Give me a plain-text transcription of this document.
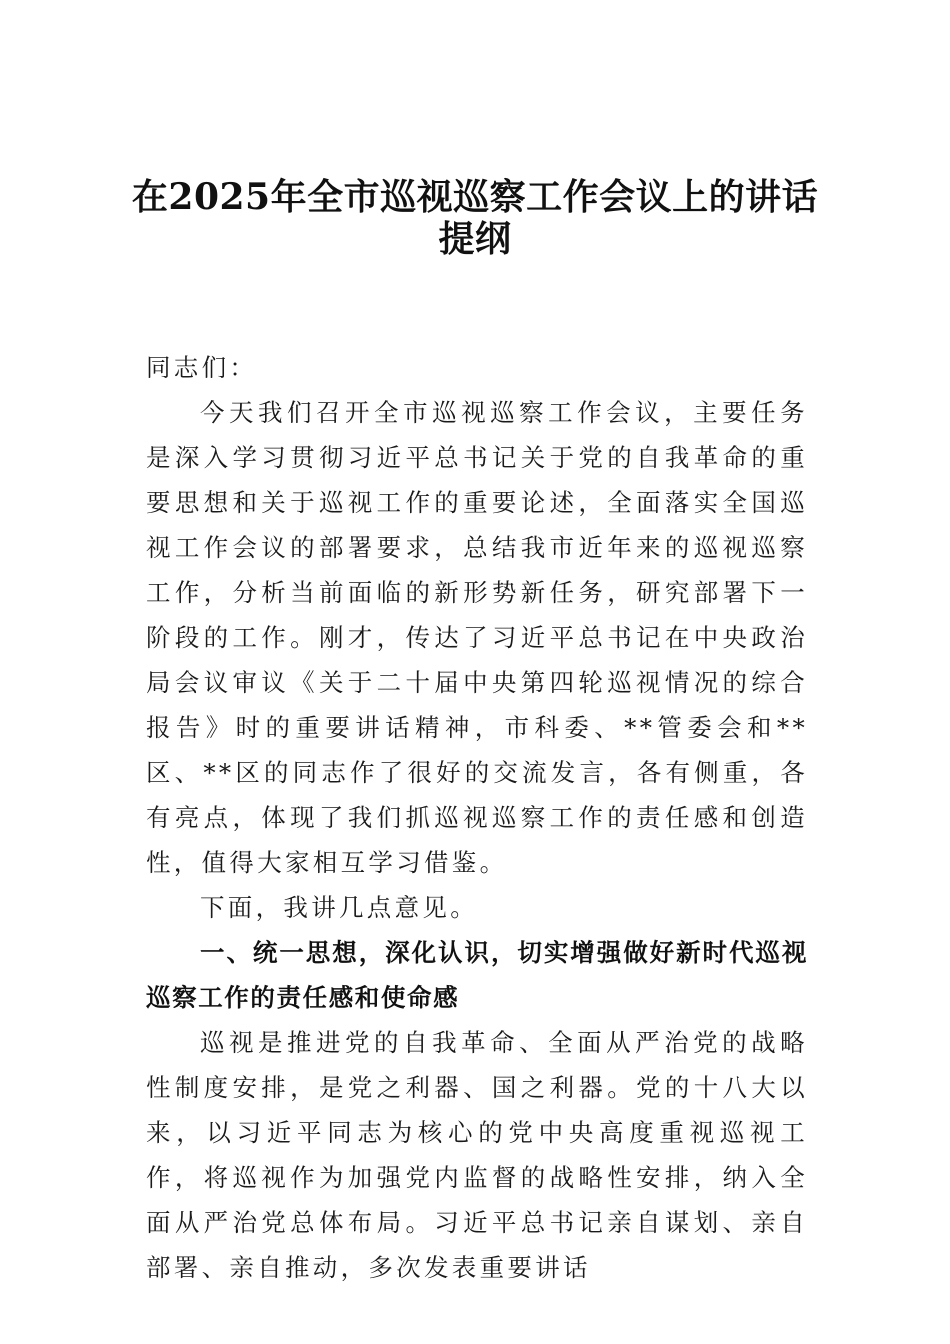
在2025年全市巡视巡察工作会议上的讲话
提纲

同志们：

今天我们召开全市巡视巡察工作会议，主要任务是深入学习贯彻习近平总书记关于党的自我革命的重要思想和关于巡视工作的重要论述，全面落实全国巡视工作会议的部署要求，总结我市近年来的巡视巡察工作，分析当前面临的新形势新任务，研究部署下一阶段的工作。刚才，传达了习近平总书记在中央政治局会议审议《关于二十届中央第四轮巡视情况的综合报告》时的重要讲话精神，市科委、**管委会和**区、**区的同志作了很好的交流发言，各有侧重，各有亮点，体现了我们抓巡视巡察工作的责任感和创造性，值得大家相互学习借鉴。

下面，我讲几点意见。

一、统一思想，深化认识，切实增强做好新时代巡视巡察工作的责任感和使命感

巡视是推进党的自我革命、全面从严治党的战略性制度安排，是党之利器、国之利器。党的十八大以来，以习近平同志为核心的党中央高度重视巡视工作，将巡视作为加强党内监督的战略性安排，纳入全面从严治党总体布局。习近平总书记亲自谋划、亲自部署、亲自推动，多次发表重要讲话
